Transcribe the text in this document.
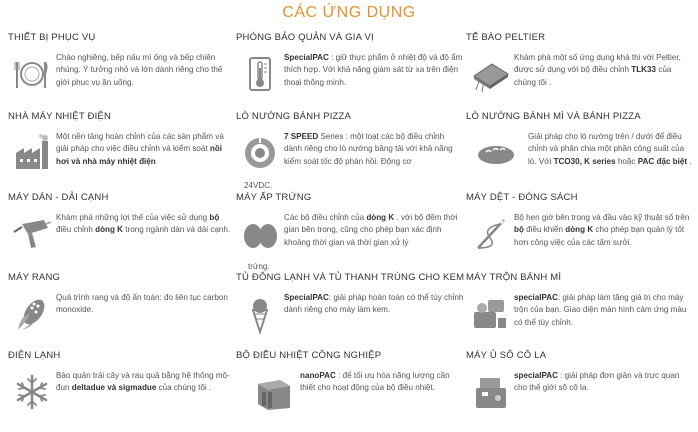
CÁC ỨNG DỤNG
THIẾT BỊ PHỤC VỤ
Chảo nghiêng, bếp nấu mì ống và bếp chiên nhúng. Ý tưởng nhỏ và lớn dành riêng cho thế giới phục vụ ăn uống.
PHÒNG BẢO QUẢN VÀ GIA VỊ
SpecialPAC : giữ thực phẩm ở nhiệt độ và độ ẩm thích hợp. Với khả năng giám sát từ xa trên điện thoại thông minh.
TẾ BÀO PELTIER
Khám phá một số ứng dụng khả thi với Peltier, được sử dụng với bộ điều chỉnh TLK33 của chúng tôi .
NHÀ MÁY NHIỆT ĐIỆN
Một nền tảng hoàn chỉnh của các sản phẩm và giải pháp cho việc điều chỉnh và kiểm soát nồi hơi và nhà máy nhiệt điện
LÒ NƯỚNG BÁNH PIZZA
7 SPEED Series : một loạt các bộ điều chỉnh dành riêng cho lò nướng băng tải với khả năng kiểm soát tốc độ phản hồi. Động cơ
24VDC.
LÒ NƯỚNG BÁNH MÌ VÀ BÁNH PIZZA
Giải pháp cho lò nướng trên / dưới để điều chỉnh và phân chia một phần công suất của lò. Với TCO30, K series hoặc PAC đặc biệt .
MÁY DÁN - DẢI CẠNH
Khám phá những lợi thế của việc sử dụng bộ điều chỉnh dòng K trong ngành dán và dải cạnh.
MÁY ẤP TRỨNG
Các bộ điều chỉnh của dòng K . với bộ đếm thời gian bên trong, cũng cho phép bạn xác định khoảng thời gian và thời gian xử lý
trứng.
MÁY DỆT - ĐÓNG SÁCH
Bộ hẹn giờ bên trong và đầu vào kỹ thuật số trên bộ điều khiển dòng K cho phép bạn quản lý tốt hơn công việc của các tấm sưởi.
MÁY RANG
Quá trình rang và độ ẩn toàn: đo liên tục carbon monoxide.
TỦ ĐÔNG LẠNH VÀ TỦ THANH TRÙNG CHO KEM
SpecialPAC: giải pháp hoàn toàn có thể tùy chỉnh dành riêng cho máy làm kem.
MÁY TRỘN BÁNH MÌ
specialPAC: giải pháp làm tăng giá trị cho máy trộn của bạn. Giao diện màn hình cảm ứng màu có thể tùy chỉnh.
ĐIỆN LẠNH
Bảo quản trái cây và rau quả bằng hệ thống mô-đun deltadue và sigmadue của chúng tôi .
BỘ ĐIỀU NHIỆT CÔNG NGHIỆP
nanoPAC : để tối ưu hóa năng lượng cần thiết cho hoạt động của bộ điều nhiệt.
MÁY Ủ SÔ CÔ LA
specialPAC : giải pháp đơn giản và trực quan cho thế giới sô cô la.
